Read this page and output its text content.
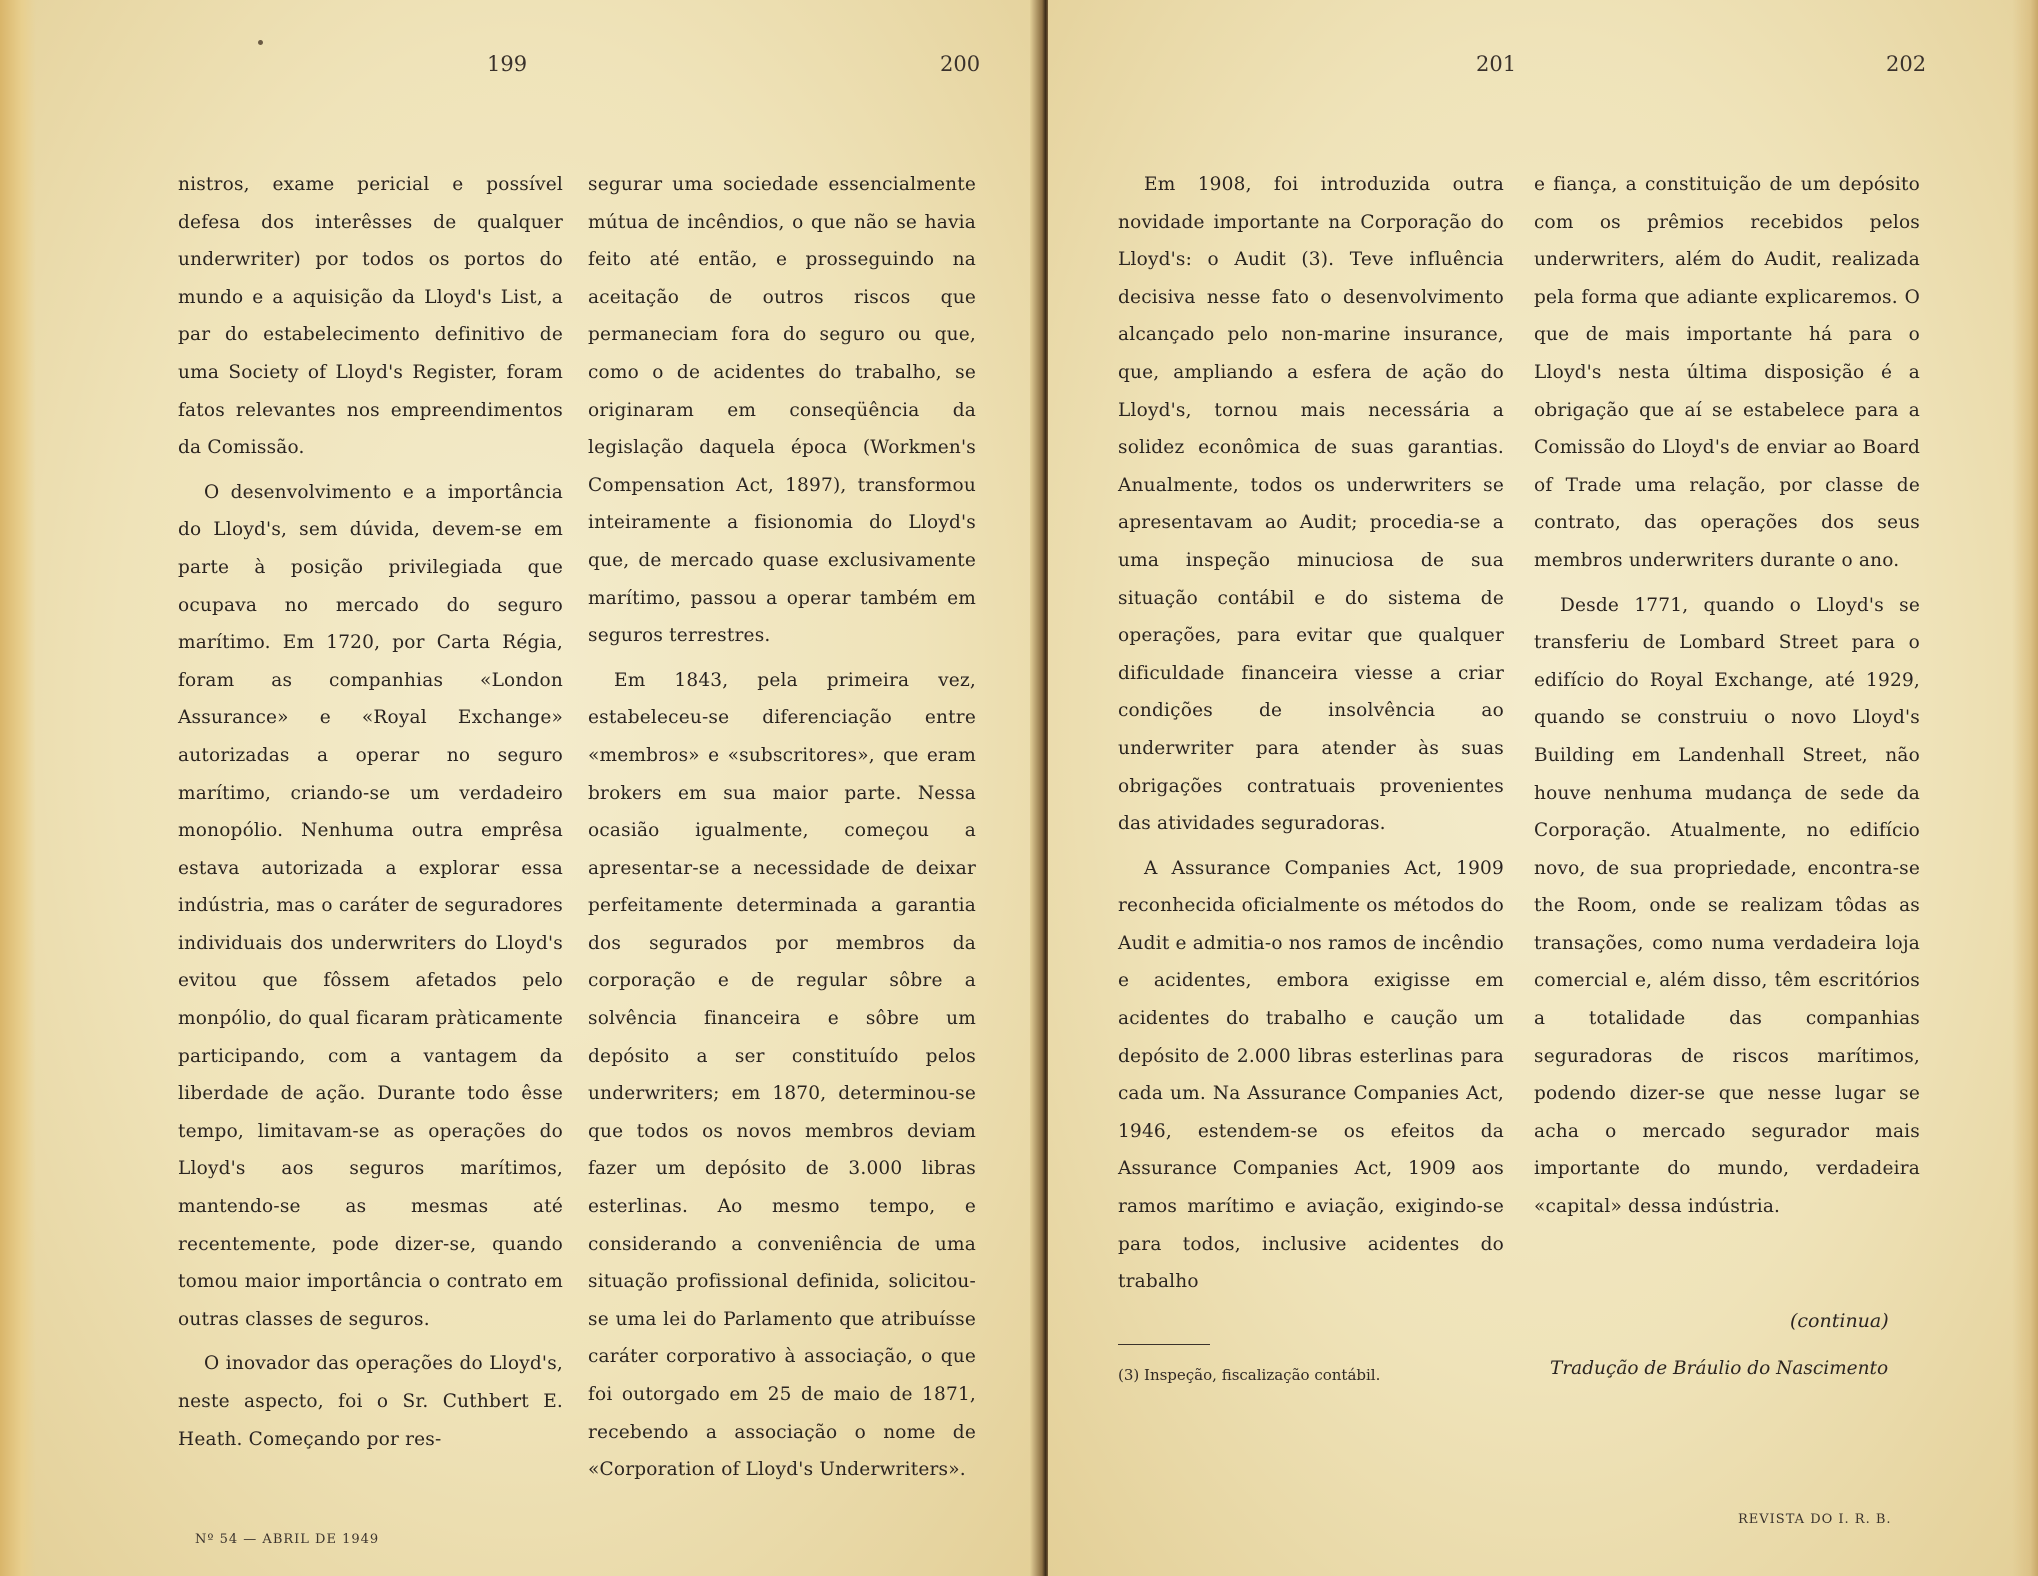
199	200

nistros, exame pericial e possível defesa dos interêsses de qualquer underwriter) por todos os portos do mundo e a aquisição da Lloyd's List, a par do estabelecimento definitivo de uma Society of Lloyd's Register, foram fatos relevantes nos empreendimentos da Comissão.

O desenvolvimento e a importância do Lloyd's, sem dúvida, devem-se em parte à posição privilegiada que ocupava no mercado do seguro marítimo. Em 1720, por Carta Régia, foram as companhias «London Assurance» e «Royal Exchange» autorizadas a operar no seguro marítimo, criando-se um verdadeiro monopólio. Nenhuma outra emprêsa estava autorizada a explorar essa indústria, mas o caráter de seguradores individuais dos underwriters do Lloyd's evitou que fôssem afetados pelo monpólio, do qual ficaram pràticamente participando, com a vantagem da liberdade de ação. Durante todo êsse tempo, limitavam-se as operações do Lloyd's aos seguros marítimos, mantendo-se as mesmas até recentemente, pode dizer-se, quando tomou maior importância o contrato em outras classes de seguros.

O inovador das operações do Lloyd's, neste aspecto, foi o Sr. Cuthbert E. Heath. Começando por res-

segurar uma sociedade essencialmente mútua de incêndios, o que não se havia feito até então, e prosseguindo na aceitação de outros riscos que permaneciam fora do seguro ou que, como o de acidentes do trabalho, se originaram em conseqüência da legislação daquela época (Workmen's Compensation Act, 1897), transformou inteiramente a fisionomia do Lloyd's que, de mercado quase exclusivamente marítimo, passou a operar também em seguros terrestres.

Em 1843, pela primeira vez, estabeleceu-se diferenciação entre «membros» e «subscritores», que eram brokers em sua maior parte. Nessa ocasião igualmente, começou a apresentar-se a necessidade de deixar perfeitamente determinada a garantia dos segurados por membros da corporação e de regular sôbre a solvência financeira e sôbre um depósito a ser constituído pelos underwriters; em 1870, determinou-se que todos os novos membros deviam fazer um depósito de 3.000 libras esterlinas. Ao mesmo tempo, e considerando a conveniência de uma situação profissional definida, solicitou-se uma lei do Parlamento que atribuísse caráter corporativo à associação, o que foi outorgado em 25 de maio de 1871, recebendo a associação o nome de «Corporation of Lloyd's Underwriters».

Nº 54 — ABRIL DE 1949
201	202

Em 1908, foi introduzida outra novidade importante na Corporação do Lloyd's: o Audit (3). Teve influência decisiva nesse fato o desenvolvimento alcançado pelo non-marine insurance, que, ampliando a esfera de ação do Lloyd's, tornou mais necessária a solidez econômica de suas garantias. Anualmente, todos os underwriters se apresentavam ao Audit; procedia-se a uma inspeção minuciosa de sua situação contábil e do sistema de operações, para evitar que qualquer dificuldade financeira viesse a criar condições de insolvência ao underwriter para atender às suas obrigações contratuais provenientes das atividades seguradoras.

A Assurance Companies Act, 1909 reconhecida oficialmente os métodos do Audit e admitia-o nos ramos de incêndio e acidentes, embora exigisse em acidentes do trabalho e caução um depósito de 2.000 libras esterlinas para cada um. Na Assurance Companies Act, 1946, estendem-se os efeitos da Assurance Companies Act, 1909 aos ramos marítimo e aviação, exigindo-se para todos, inclusive acidentes do trabalho

e fiança, a constituição de um depósito com os prêmios recebidos pelos underwriters, além do Audit, realizada pela forma que adiante explicaremos. O que de mais importante há para o Lloyd's nesta última disposição é a obrigação que aí se estabelece para a Comissão do Lloyd's de enviar ao Board of Trade uma relação, por classe de contrato, das operações dos seus membros underwriters durante o ano.

Desde 1771, quando o Lloyd's se transferiu de Lombard Street para o edifício do Royal Exchange, até 1929, quando se construiu o novo Lloyd's Building em Landenhall Street, não houve nenhuma mudança de sede da Corporação. Atualmente, no edifício novo, de sua propriedade, encontra-se the Room, onde se realizam tôdas as transações, como numa verdadeira loja comercial e, além disso, têm escritórios a totalidade das companhias seguradoras de riscos marítimos, podendo dizer-se que nesse lugar se acha o mercado segurador mais importante do mundo, verdadeira «capital» dessa indústria.

REVISTA DO I. R. B.
(3) Inspeção, fiscalização contábil.
(continua)
Tradução de Bráulio do Nascimento
